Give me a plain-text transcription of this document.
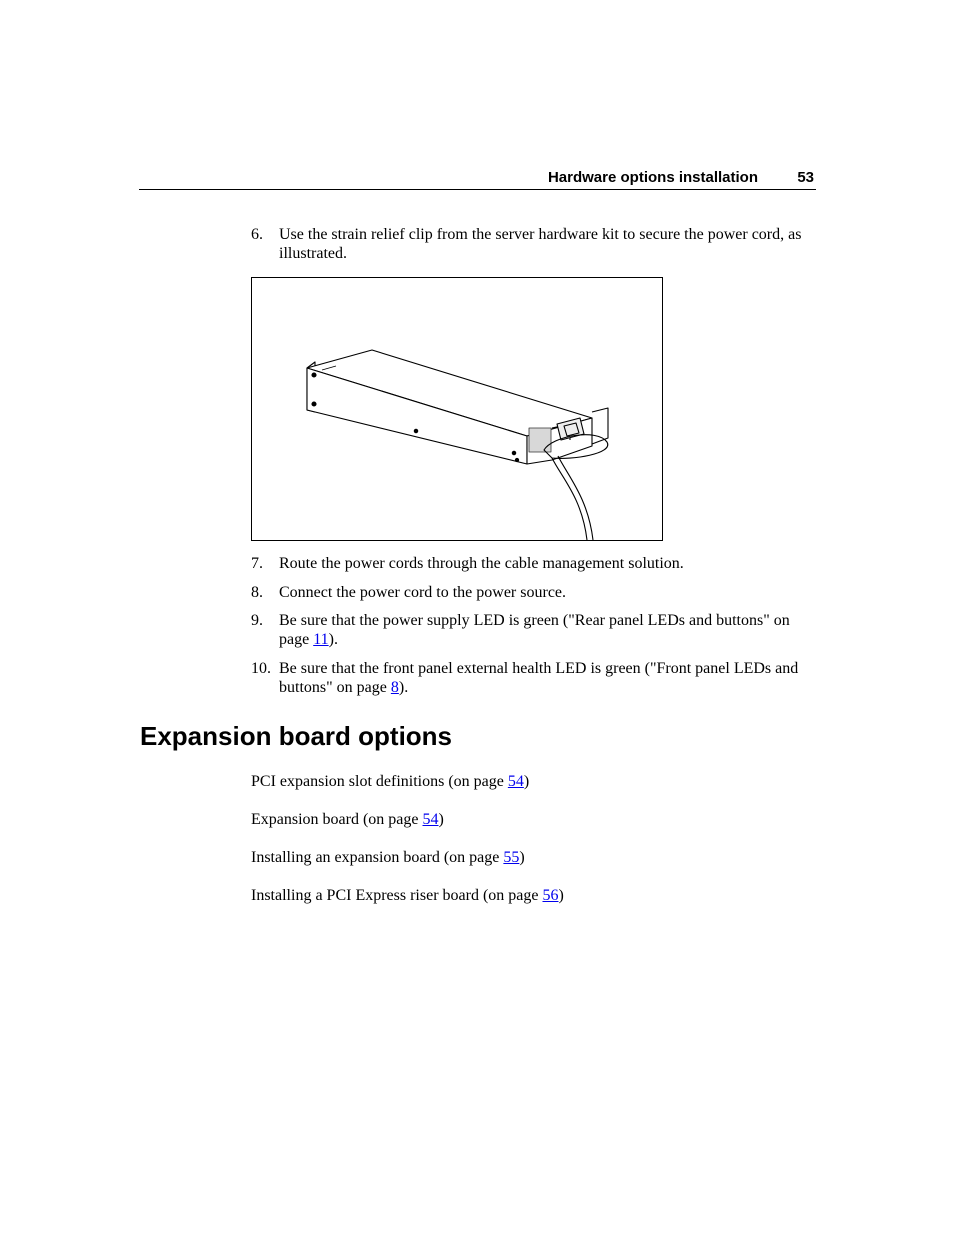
Hardware options installation	53
6. Use the strain relief clip from the server hardware kit to secure the power cord, as illustrated.
7. Route the power cords through the cable management solution.
8. Connect the power cord to the power source.
9. Be sure that the power supply LED is green ("Rear panel LEDs and buttons" on page 11).
10. Be sure that the front panel external health LED is green ("Front panel LEDs and buttons" on page 8).
Expansion board options
PCI expansion slot definitions (on page 54)
Expansion board (on page 54)
Installing an expansion board (on page 55)
Installing a PCI Express riser board (on page 56)
